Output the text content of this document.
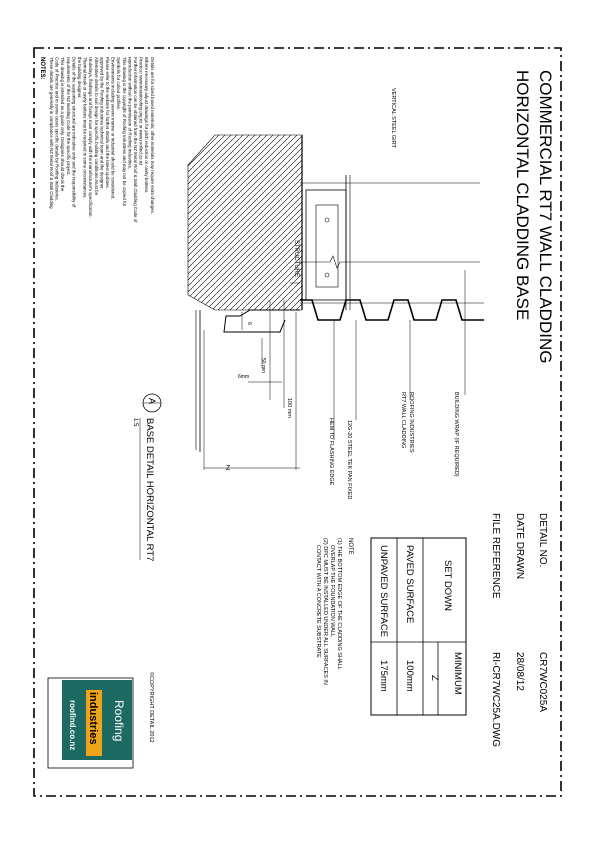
NOTES: These details are generally in compliance with NZ Metal Roof & Wall Cladding Code of Practice and in some cases specific details by Roofing Industries. This drawing is intended as a guide only. Designers should check the requirements of the NZ Building Code for the specific project. Details of the supporting structural are indicative only and the responsibility of the building designer. Thermal break or cavity battens may be required in some circumstances. Underlays, flashings and fixings must comply with the manufacturer's specification. Alternative details to suit design for specific building conditions must be approved by the Roofing Industries technical team and the designer. Please refer to the website for further details and the latest updates. Environments including severe marine or industrial should be considered. Symbols for colour profiles. This drawing is the copyright of Roofing Industries and may not be copied for reproduction without the permission of Roofing Industries. Further information can be obtained from the NZ Metal Roof & Wall Cladding Code of Practice: www.metalroofing.org.nz or www.roofind.co.nz Where necessary adjust drawings for pitch reduction or cavity battens. Details are for sized based materials; other materials may require extra changes.
6
50 min
6mm
100 mm
Z
VERTICAL STEEL GIRT
STRUCTURE
BUILDING WRAP (IF REQUIRED)
ROOFING INDUSTRIES
RT7 WALL CLADDING
12G-20 STEEL TEK PAN FIXED
HEM TO FLASHING EDGE
A
BASE DETAIL HORIZONTAL RT7
1:5
COMMERCIAL RT7 WALL CLADDING
HORIZONTAL CLADDING BASE
DETAIL NO.
CR7WC025A
DATE DRAWN
28/08/12
FILE REFERENCE
RI-CR7WC25A.DWG
SET DOWN
MINIMUM
Z
PAVED SURFACE
100mm
UNPAVED SURFACE
175mm
NOTE
(1) THE BOTTOM EDGE OF THE CLADDING SHALL
OVERLAP THE FOUNDATION WALL
(2) DPC MUST BE INSTALLED UNDER ALL SURFACES IN
CONTACT WITH A CONCRETE SUBSTRATE
©COPYRIGHT DETAIL 2012
Roofing
industries
roofind.co.nz
